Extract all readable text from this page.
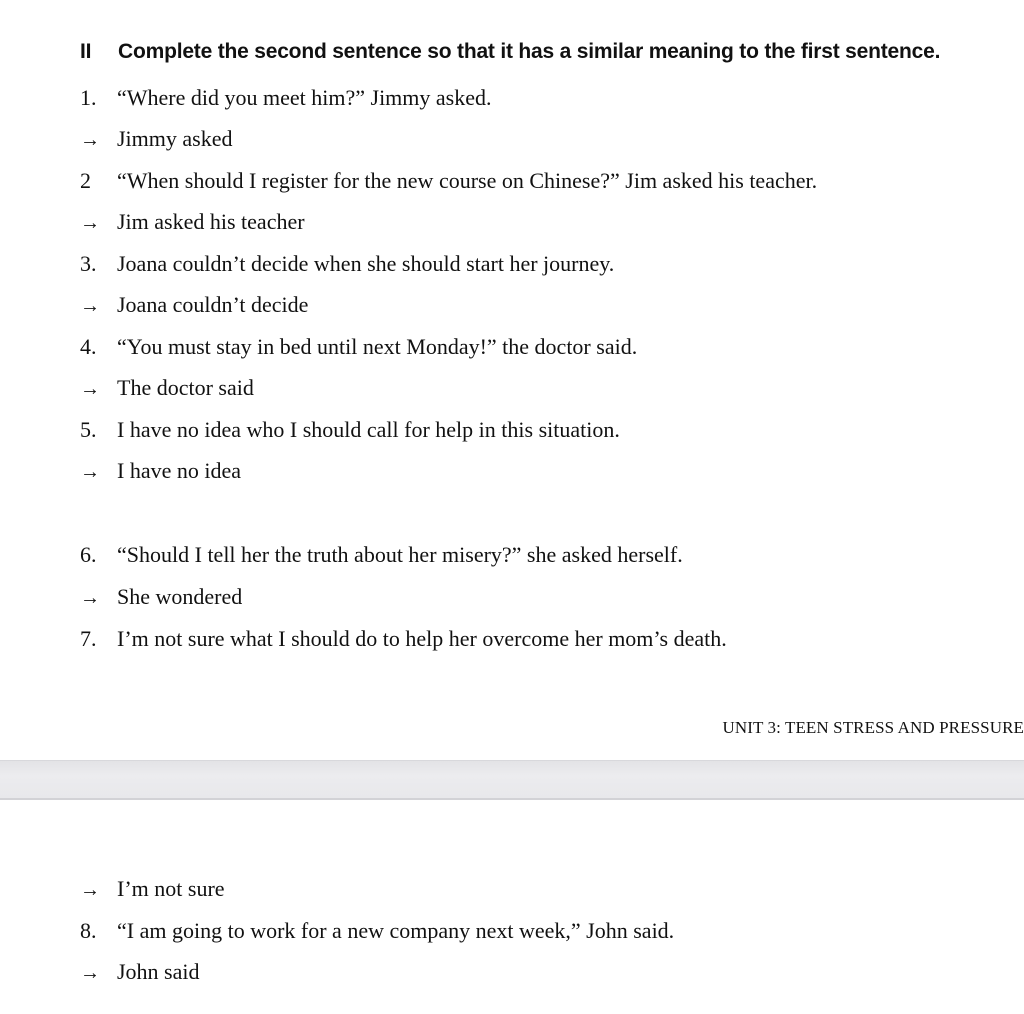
II Complete the second sentence so that it has a similar meaning to the first sentence.
1. “Where did you meet him?” Jimmy asked.
→ Jimmy asked
2 “When should I register for the new course on Chinese?” Jim asked his teacher.
→ Jim asked his teacher
3. Joana couldn’t decide when she should start her journey.
→ Joana couldn’t decide
4. “You must stay in bed until next Monday!” the doctor said.
→ The doctor said
5. I have no idea who I should call for help in this situation.
→ I have no idea
6. “Should I tell her the truth about her misery?” she asked herself.
→ She wondered
7. I’m not sure what I should do to help her overcome her mom’s death.
UNIT 3: TEEN STRESS AND PRESSURE
→ I’m not sure
8. “I am going to work for a new company next week,” John said.
→ John said
